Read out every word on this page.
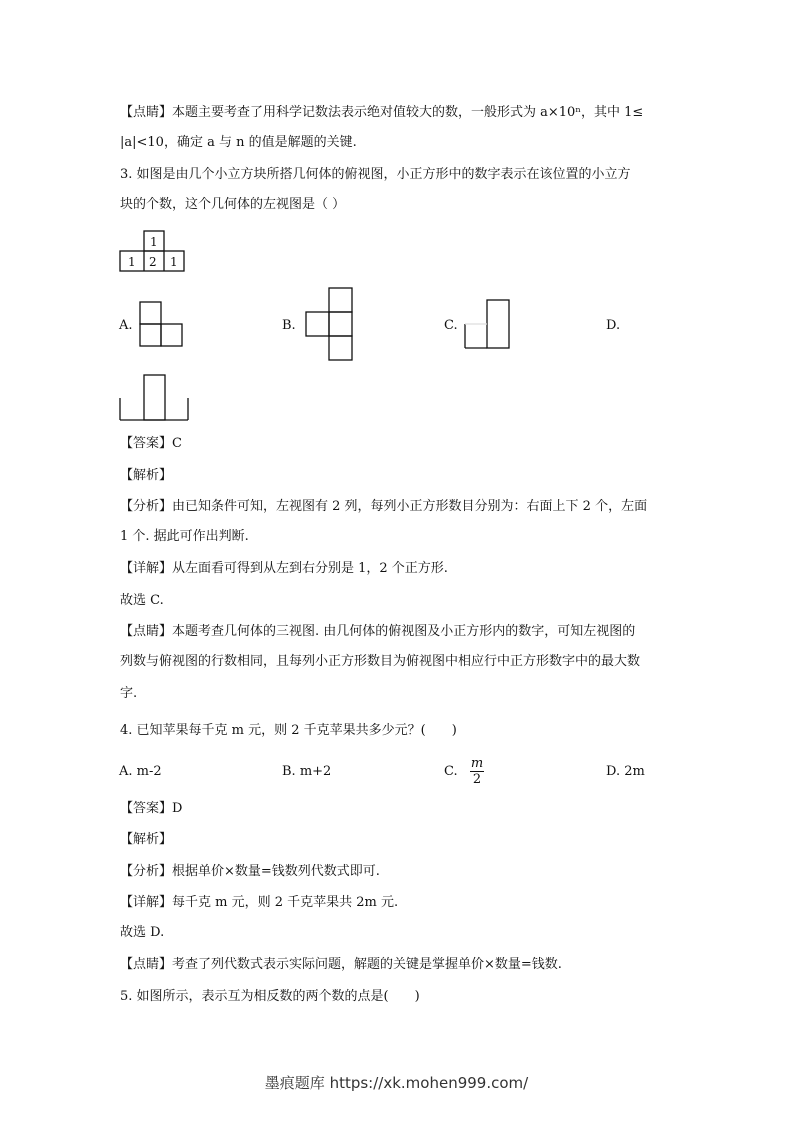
【点睛】本题主要考查了用科学记数法表示绝对值较大的数，一般形式为 a×10ⁿ，其中 1≤
|a|<10，确定 a 与 n 的值是解题的关键.
3. 如图是由几个小立方块所搭几何体的俯视图，小正方形中的数字表示在该位置的小立方
块的个数，这个几何体的左视图是（ ）
1
1 2 1
A.	B.	C.	D.
【答案】C
【解析】
【分析】由已知条件可知，左视图有 2 列，每列小正方形数目分别为：右面上下 2 个，左面
1 个. 据此可作出判断.
【详解】从左面看可得到从左到右分别是 1，2 个正方形.
故选 C.
【点睛】本题考查几何体的三视图. 由几何体的俯视图及小正方形内的数字，可知左视图的
列数与俯视图的行数相同，且每列小正方形数目为俯视图中相应行中正方形数字中的最大数
字.
4. 已知苹果每千克 m 元，则 2 千克苹果共多少元？(　　)
A. m-2	B. m+2	C. $\frac{m}{2}$	D. 2m
【答案】D
【解析】
【分析】根据单价×数量=钱数列代数式即可.
【详解】每千克 m 元，则 2 千克苹果共 2m 元.
故选 D.
【点睛】考查了列代数式表示实际问题，解题的关键是掌握单价×数量=钱数.
5. 如图所示，表示互为相反数的两个数的点是(　　)
墨痕题库 https://xk.mohen999.com/
